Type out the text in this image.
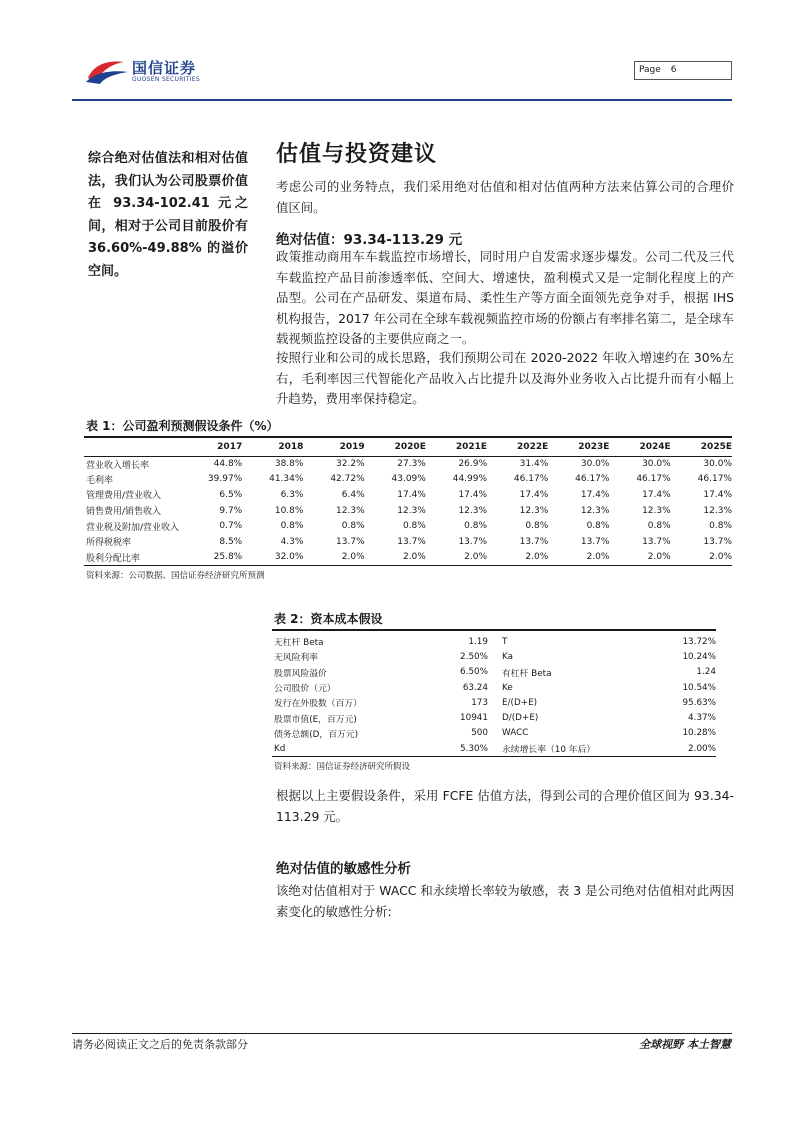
国信证券
GUOSEN SECURITIES
Page 6
综合绝对估值法和相对估值法，我们认为公司股票价值在 93.34-102.41 元之间，相对于公司目前股价有 36.60%-49.88% 的溢价空间。
估值与投资建议
考虑公司的业务特点，我们采用绝对估值和相对估值两种方法来估算公司的合理价值区间。
绝对估值：93.34-113.29 元
政策推动商用车车载监控市场增长，同时用户自发需求逐步爆发。公司二代及三代车载监控产品目前渗透率低、空间大、增速快，盈利模式又是一定制化程度上的产品型。公司在产品研发、渠道布局、柔性生产等方面全面领先竞争对手，根据 IHS 机构报告，2017 年公司在全球车载视频监控市场的份额占有率排名第二，是全球车载视频监控设备的主要供应商之一。
按照行业和公司的成长思路，我们预期公司在 2020-2022 年收入增速约在 30%左右，毛利率因三代智能化产品收入占比提升以及海外业务收入占比提升而有小幅上升趋势，费用率保持稳定。
表 1：公司盈利预测假设条件（%）
	2017	2018	2019	2020E	2021E	2022E	2023E	2024E	2025E
营业收入增长率	44.8%	38.8%	32.2%	27.3%	26.9%	31.4%	30.0%	30.0%	30.0%
毛利率	39.97%	41.34%	42.72%	43.09%	44.99%	46.17%	46.17%	46.17%	46.17%
管理费用/营业收入	6.5%	6.3%	6.4%	17.4%	17.4%	17.4%	17.4%	17.4%	17.4%
销售费用/销售收入	9.7%	10.8%	12.3%	12.3%	12.3%	12.3%	12.3%	12.3%	12.3%
营业税及附加/营业收入	0.7%	0.8%	0.8%	0.8%	0.8%	0.8%	0.8%	0.8%	0.8%
所得税税率	8.5%	4.3%	13.7%	13.7%	13.7%	13.7%	13.7%	13.7%	13.7%
股利分配比率	25.8%	32.0%	2.0%	2.0%	2.0%	2.0%	2.0%	2.0%	2.0%
资料来源：公司数据、国信证券经济研究所预测
表 2：资本成本假设
无杠杆 Beta	1.19		T	13.72%
无风险利率	2.50%		Ka	10.24%
股票风险溢价	6.50%		有杠杆 Beta	1.24
公司股价（元）	63.24		Ke	10.54%
发行在外股数（百万）	173		E/(D+E)	95.63%
股票市值(E，百万元)	10941		D/(D+E)	4.37%
债务总额(D，百万元)	500		WACC	10.28%
Kd	5.30%		永续增长率（10 年后）	2.00%
资料来源：国信证券经济研究所假设
根据以上主要假设条件，采用 FCFE 估值方法，得到公司的合理价值区间为 93.34-113.29 元。
绝对估值的敏感性分析
该绝对估值相对于 WACC 和永续增长率较为敏感，表 3 是公司绝对估值相对此两因素变化的敏感性分析:
请务必阅读正文之后的免责条款部分	全球视野 本土智慧
